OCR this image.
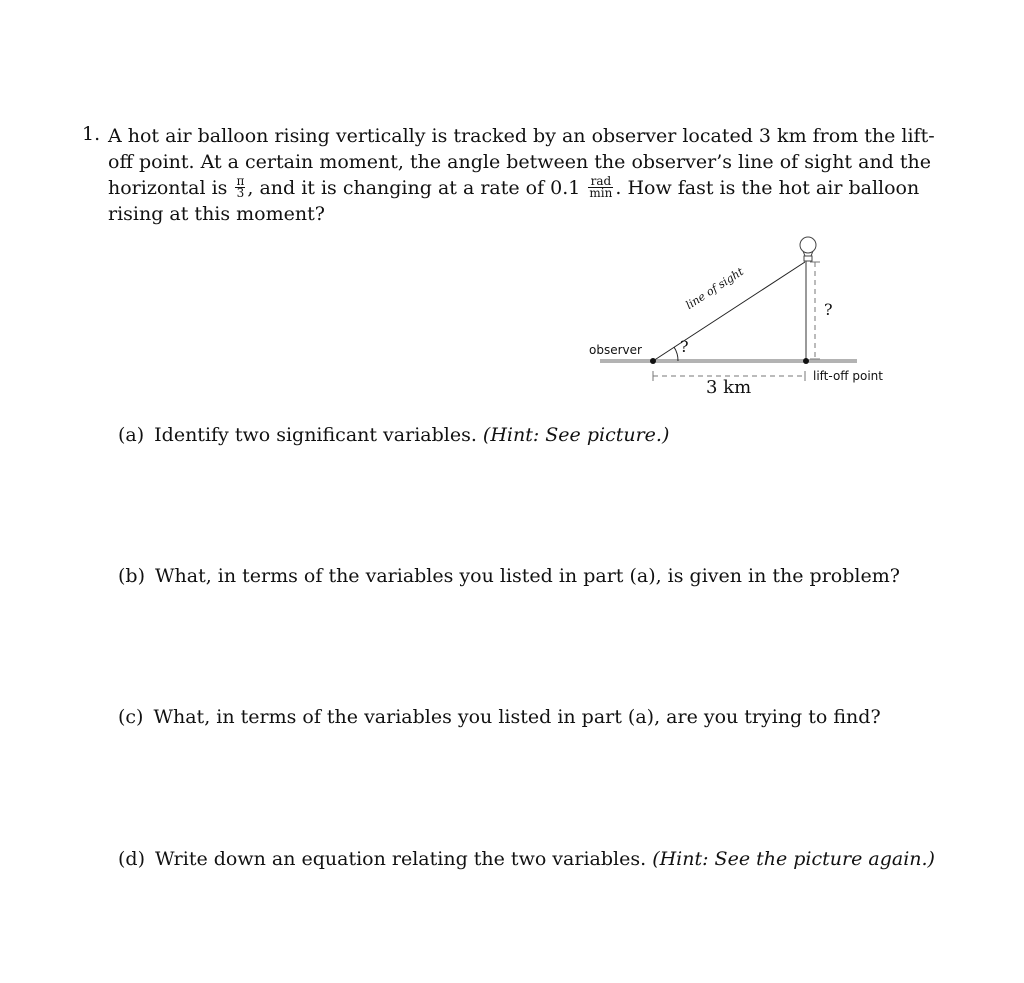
1. A hot air balloon rising vertically is tracked by an observer located 3 km from the lift-
off point. At a certain moment, the angle between the observer’s line of sight and the
horizontal is $\frac{\pi}{3}$ , and it is changing at a rate of $0.1 \frac{\text{rad}}{\min}$ . How fast is the hot air balloon
rising at this moment?
observer
line of sight
?
?
3 km
lift-off point
(a) Identify two significant variables. (Hint: See picture.)
(b) What, in terms of the variables you listed in part (a), is given in the problem?
(c) What, in terms of the variables you listed in part (a), are you trying to find?
(d) Write down an equation relating the two variables. (Hint: See the picture again.)
